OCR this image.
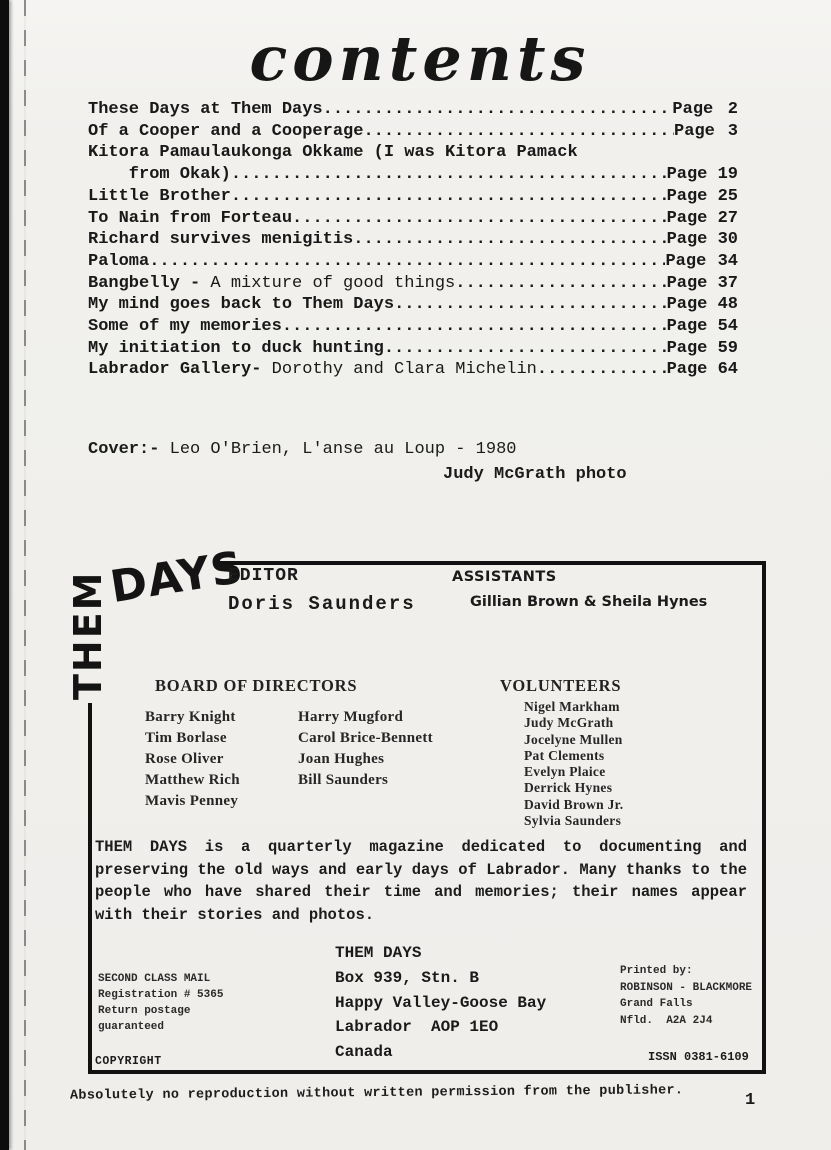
contents
These Days at Them Days .....	Page 2
Of a Cooper and a Cooperage .....	Page 3
Kitora Pamaulaukonga Okkame (I was Kitora Pamack
from Okak) .....	Page 19
Little Brother .....	Page 25
To Nain from Forteau .....	Page 27
Richard survives menigitis .....	Page 30
Paloma .....	Page 34
Bangbelly - A mixture of good things .....	Page 37
My mind goes back to Them Days .....	Page 48
Some of my memories .....	Page 54
My initiation to duck hunting .....	Page 59
Labrador Gallery- Dorothy and Clara Michelin .....	Page 64
Cover:- Leo O'Brien, L'anse au Loup - 1980
Judy McGrath photo
DAYS
THEM	EDITOR
Doris Saunders
ASSISTANTS
Gillian Brown & Sheila Hynes
BOARD OF DIRECTORS
Barry Knight
Tim Borlase
Rose Oliver
Matthew Rich
Mavis Penney
Harry Mugford
Carol Brice-Bennett
Joan Hughes
Bill Saunders
VOLUNTEERS
Nigel Markham
Judy McGrath
Jocelyne Mullen
Pat Clements
Evelyn Plaice
Derrick Hynes
David Brown Jr.
Sylvia Saunders

THEM DAYS is a quarterly magazine dedicated to documenting and preserving the old ways and early days of Labrador. Many thanks to the people who have shared their time and memories; their names appear with their stories and photos.

SECOND CLASS MAIL
Registration # 5365
Return postage
guaranteed
THEM DAYS
Box 939, Stn. B
Happy Valley-Goose Bay
Labrador  AOP 1EO
Canada
Printed by:
ROBINSON - BLACKMORE
Grand Falls
Nfld.  A2A 2J4
COPYRIGHT	ISSN 0381-6109
Absolutely no reproduction without written permission from the publisher.	1
